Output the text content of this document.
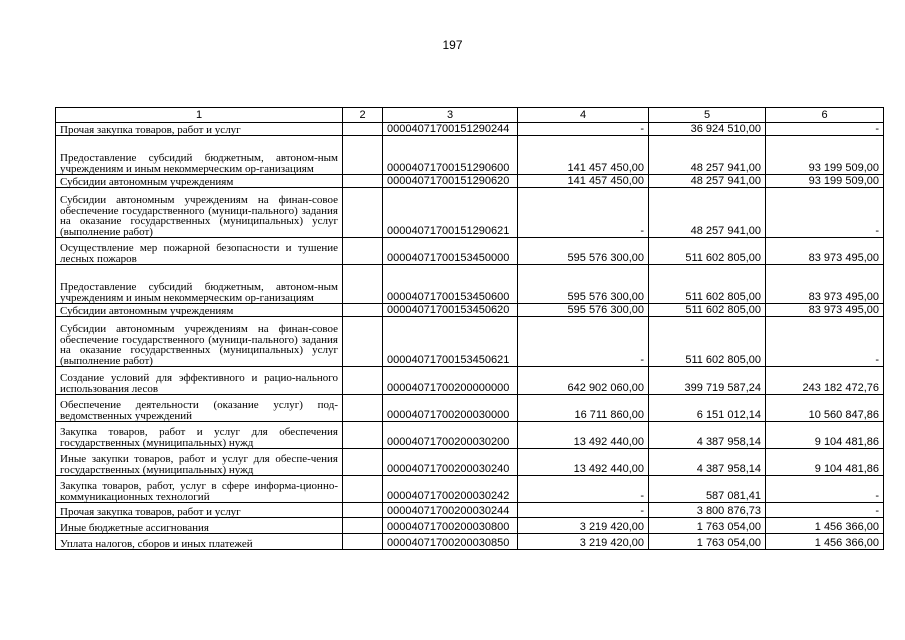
197
1	2	3	4	5	6
Прочая закупка товаров, работ и услуг		00004071700151290244	-	36 924 510,00	-
Предоставление субсидий бюджетным, автоном-ным учреждениям и иным некоммерческим ор-ганизациям		00004071700151290600	141 457 450,00	48 257 941,00	93 199 509,00
Субсидии автономным учреждениям		00004071700151290620	141 457 450,00	48 257 941,00	93 199 509,00
Субсидии автономным учреждениям на финан-совое обеспечение государственного (муници-пального) задания на оказание государственных (муниципальных) услуг (выполнение работ)		00004071700151290621	-	48 257 941,00	-
Осуществление мер пожарной безопасности и тушение лесных пожаров		00004071700153450000	595 576 300,00	511 602 805,00	83 973 495,00
Предоставление субсидий бюджетным, автоном-ным учреждениям и иным некоммерческим ор-ганизациям		00004071700153450600	595 576 300,00	511 602 805,00	83 973 495,00
Субсидии автономным учреждениям		00004071700153450620	595 576 300,00	511 602 805,00	83 973 495,00
Субсидии автономным учреждениям на финан-совое обеспечение государственного (муници-пального) задания на оказание государственных (муниципальных) услуг (выполнение работ)		00004071700153450621	-	511 602 805,00	-
Создание условий для эффективного и рацио-нального использования лесов		00004071700200000000	642 902 060,00	399 719 587,24	243 182 472,76
Обеспечение деятельности (оказание услуг) под-ведомственных учреждений		00004071700200030000	16 711 860,00	6 151 012,14	10 560 847,86
Закупка товаров, работ и услуг для обеспечения государственных (муниципальных) нужд		00004071700200030200	13 492 440,00	4 387 958,14	9 104 481,86
Иные закупки товаров, работ и услуг для обеспе-чения государственных (муниципальных) нужд		00004071700200030240	13 492 440,00	4 387 958,14	9 104 481,86
Закупка товаров, работ, услуг в сфере информа-ционно-коммуникационных технологий		00004071700200030242	-	587 081,41	-
Прочая закупка товаров, работ и услуг		00004071700200030244	-	3 800 876,73	-
Иные бюджетные ассигнования		00004071700200030800	3 219 420,00	1 763 054,00	1 456 366,00
Уплата налогов, сборов и иных платежей		00004071700200030850	3 219 420,00	1 763 054,00	1 456 366,00
